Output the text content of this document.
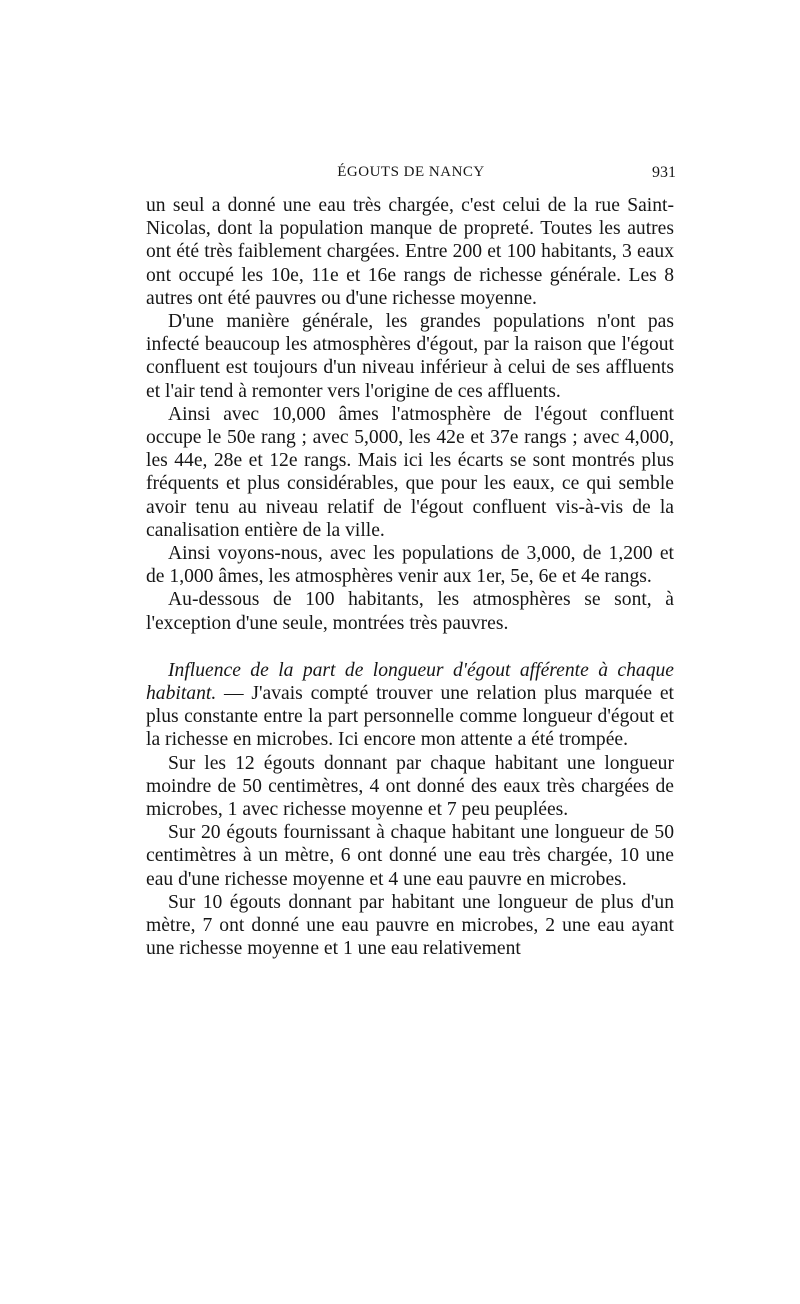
ÉGOUTS DE NANCY	931

un seul a donné une eau très chargée, c'est celui de la rue Saint-Nicolas, dont la population manque de propreté. Toutes les autres ont été très faiblement chargées. Entre 200 et 100 habitants, 3 eaux ont occupé les 10e, 11e et 16e rangs de richesse générale. Les 8 autres ont été pauvres ou d'une richesse moyenne.

D'une manière générale, les grandes populations n'ont pas infecté beaucoup les atmosphères d'égout, par la raison que l'égout confluent est toujours d'un niveau inférieur à celui de ses affluents et l'air tend à remonter vers l'origine de ces affluents.

Ainsi avec 10,000 âmes l'atmosphère de l'égout confluent occupe le 50e rang ; avec 5,000, les 42e et 37e rangs ; avec 4,000, les 44e, 28e et 12e rangs. Mais ici les écarts se sont montrés plus fréquents et plus considérables, que pour les eaux, ce qui semble avoir tenu au niveau relatif de l'égout confluent vis-à-vis de la canalisation entière de la ville.

Ainsi voyons-nous, avec les populations de 3,000, de 1,200 et de 1,000 âmes, les atmosphères venir aux 1er, 5e, 6e et 4e rangs.

Au-dessous de 100 habitants, les atmosphères se sont, à l'exception d'une seule, montrées très pauvres.

Influence de la part de longueur d'égout afférente à chaque habitant. — J'avais compté trouver une relation plus marquée et plus constante entre la part personnelle comme longueur d'égout et la richesse en microbes. Ici encore mon attente a été trompée.

Sur les 12 égouts donnant par chaque habitant une longueur moindre de 50 centimètres, 4 ont donné des eaux très chargées de microbes, 1 avec richesse moyenne et 7 peu peuplées.

Sur 20 égouts fournissant à chaque habitant une longueur de 50 centimètres à un mètre, 6 ont donné une eau très chargée, 10 une eau d'une richesse moyenne et 4 une eau pauvre en microbes.

Sur 10 égouts donnant par habitant une longueur de plus d'un mètre, 7 ont donné une eau pauvre en microbes, 2 une eau ayant une richesse moyenne et 1 une eau relativement
